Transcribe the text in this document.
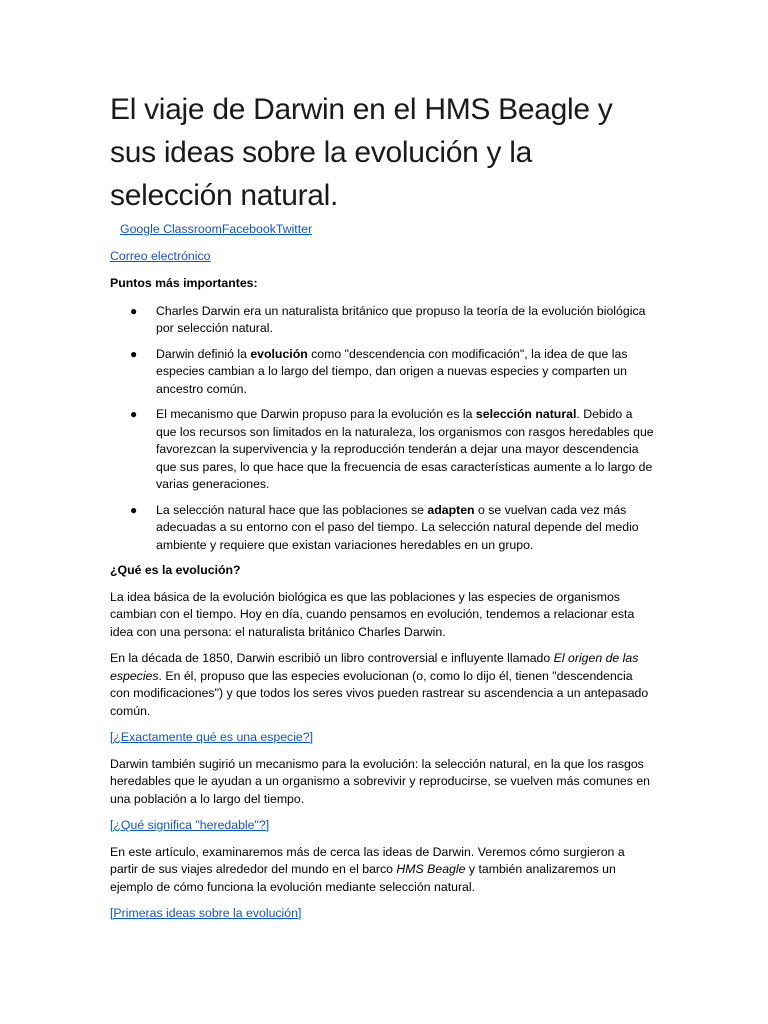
El viaje de Darwin en el HMS Beagle y sus ideas sobre la evolución y la selección natural.

Google ClassroomFacebookTwitter

Correo electrónico

Puntos más importantes:

● Charles Darwin era un naturalista británico que propuso la teoría de la evolución biológica por selección natural.
● Darwin definió la evolución como "descendencia con modificación", la idea de que las especies cambian a lo largo del tiempo, dan origen a nuevas especies y comparten un ancestro común.
● El mecanismo que Darwin propuso para la evolución es la selección natural. Debido a que los recursos son limitados en la naturaleza, los organismos con rasgos heredables que favorezcan la supervivencia y la reproducción tenderán a dejar una mayor descendencia que sus pares, lo que hace que la frecuencia de esas características aumente a lo largo de varias generaciones.
● La selección natural hace que las poblaciones se adapten o se vuelvan cada vez más adecuadas a su entorno con el paso del tiempo. La selección natural depende del medio ambiente y requiere que existan variaciones heredables en un grupo.

¿Qué es la evolución?

La idea básica de la evolución biológica es que las poblaciones y las especies de organismos cambian con el tiempo. Hoy en día, cuando pensamos en evolución, tendemos a relacionar esta idea con una persona: el naturalista británico Charles Darwin.

En la década de 1850, Darwin escribió un libro controversial e influyente llamado El origen de las especies. En él, propuso que las especies evolucionan (o, como lo dijo él, tienen "descendencia con modificaciones") y que todos los seres vivos pueden rastrear su ascendencia a un antepasado común.

[¿Exactamente qué es una especie?]

Darwin también sugirió un mecanismo para la evolución: la selección natural, en la que los rasgos heredables que le ayudan a un organismo a sobrevivir y reproducirse, se vuelven más comunes en una población a lo largo del tiempo.

[¿Qué significa "heredable"?]

En este artículo, examinaremos más de cerca las ideas de Darwin. Veremos cómo surgieron a partir de sus viajes alrededor del mundo en el barco HMS Beagle y también analizaremos un ejemplo de cómo funciona la evolución mediante selección natural.

[Primeras ideas sobre la evolución]
